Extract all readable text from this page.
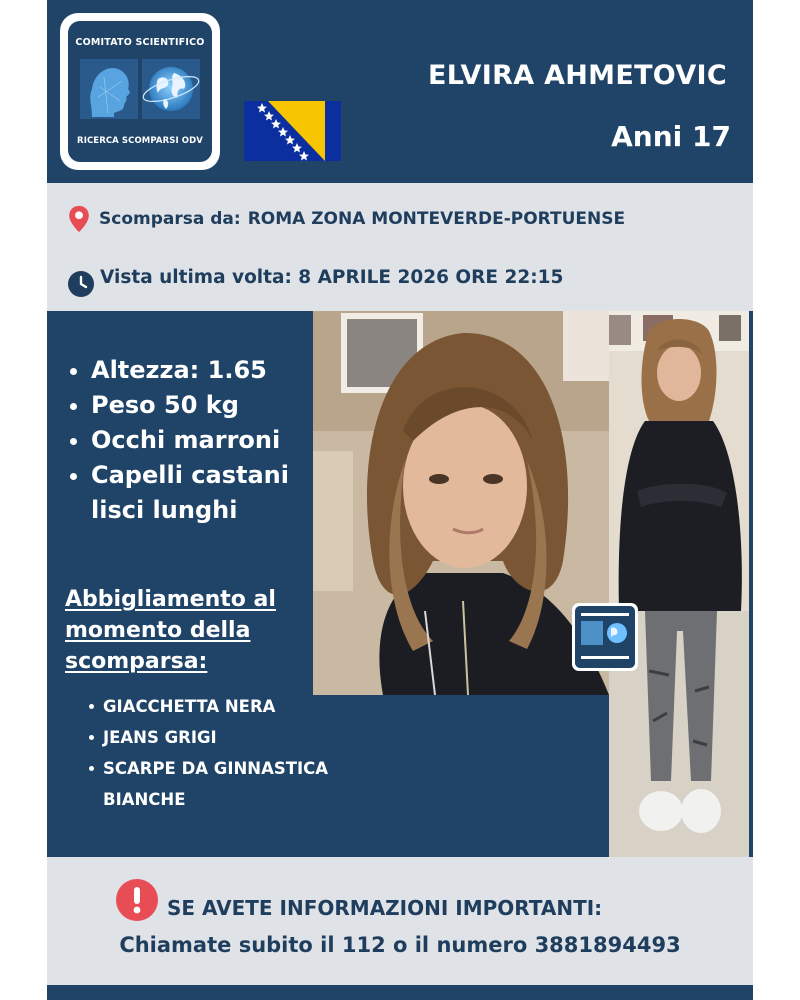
COMITATO SCIENTIFICO
RICERCA SCOMPARSI ODV
ELVIRA AHMETOVIC
Anni 17
Scomparsa da: ROMA ZONA MONTEVERDE-PORTUENSE
Vista ultima volta: 8 APRILE 2026 ORE 22:15
Altezza: 1.65
Peso 50 kg
Occhi marroni
Capelli castani lisci lunghi

Abbigliamento al momento della scomparsa:

GIACCHETTA NERA
JEANS GRIGI
SCARPE DA GINNASTICA BIANCHE
SE AVETE INFORMAZIONI IMPORTANTI:
Chiamate subito il 112 o il numero 3881894493
